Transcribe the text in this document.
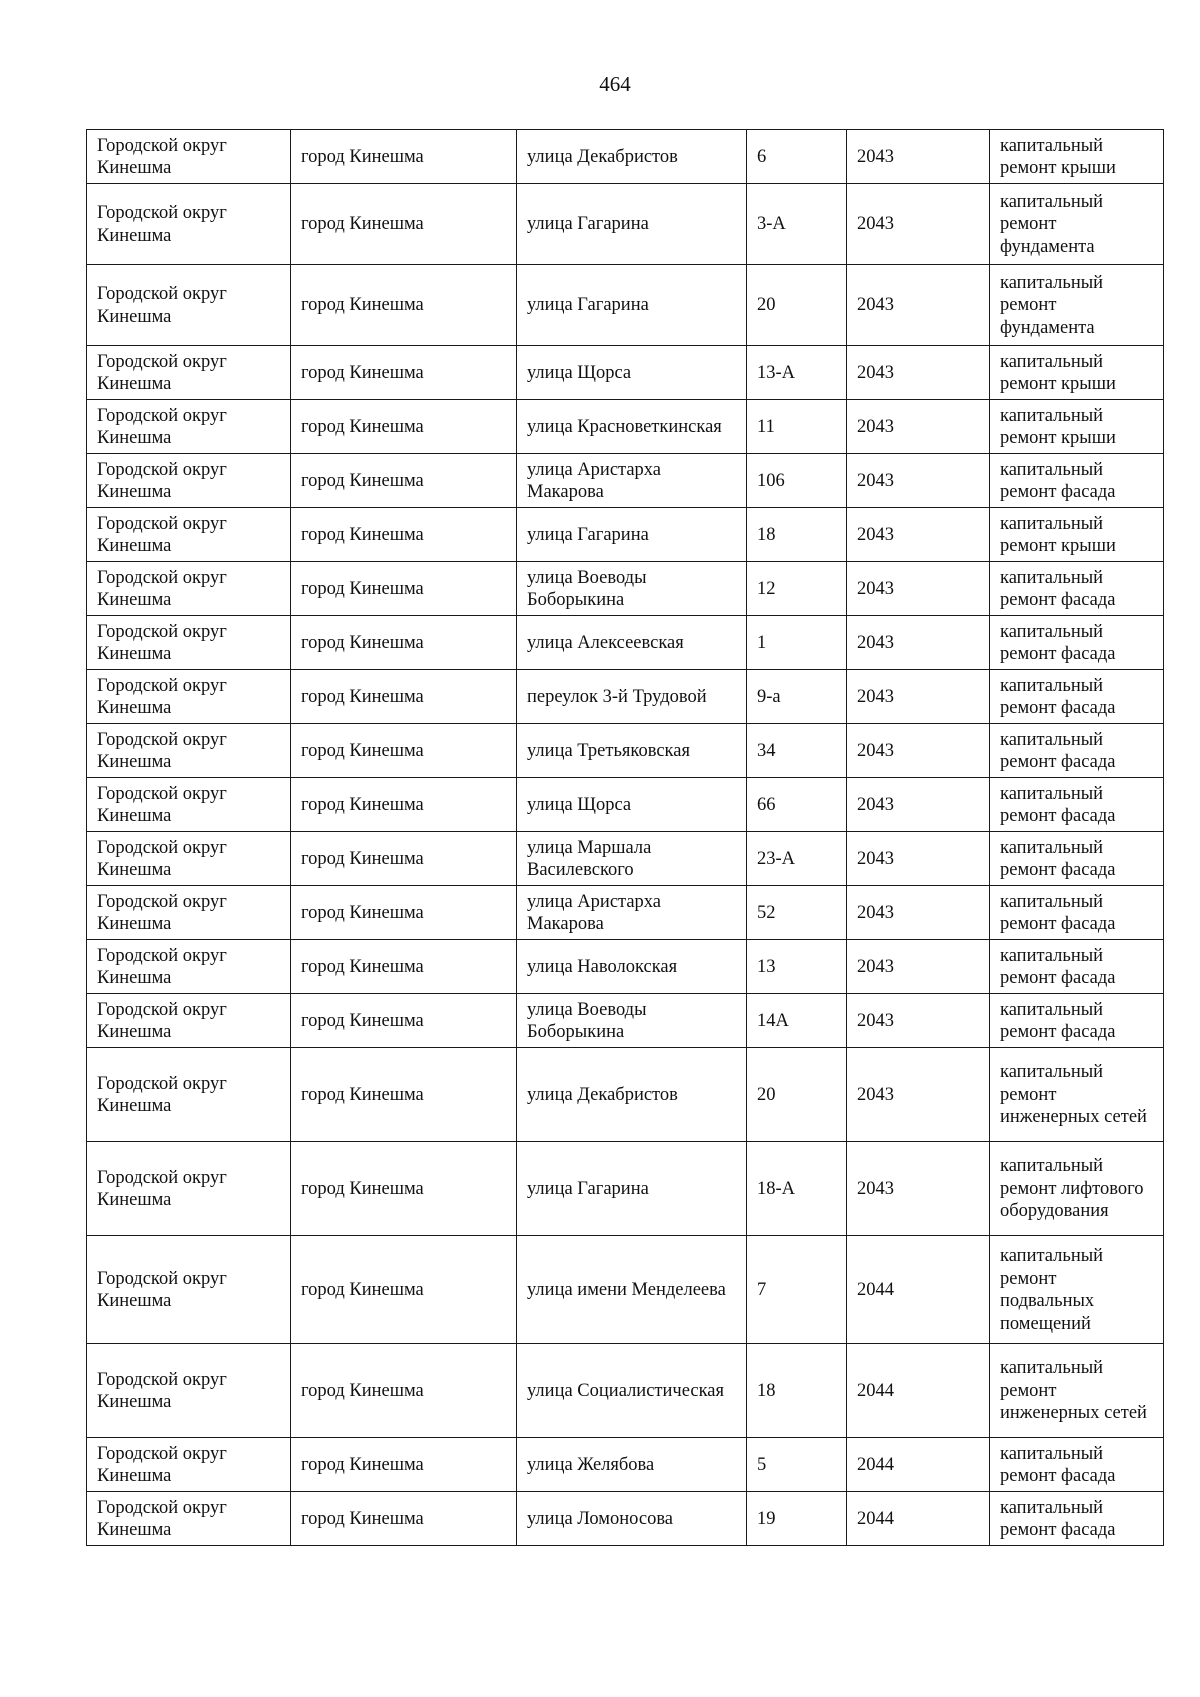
464
Городской округ Кинешма	город Кинешма	улица Декабристов	6	2043	капитальный ремонт крыши
Городской округ Кинешма	город Кинешма	улица Гагарина	3-А	2043	капитальный ремонт фундамента
Городской округ Кинешма	город Кинешма	улица Гагарина	20	2043	капитальный ремонт фундамента
Городской округ Кинешма	город Кинешма	улица Щорса	13-А	2043	капитальный ремонт крыши
Городской округ Кинешма	город Кинешма	улица Красноветкинская	11	2043	капитальный ремонт крыши
Городской округ Кинешма	город Кинешма	улица Аристарха Макарова	106	2043	капитальный ремонт фасада
Городской округ Кинешма	город Кинешма	улица Гагарина	18	2043	капитальный ремонт крыши
Городской округ Кинешма	город Кинешма	улица Воеводы Боборыкина	12	2043	капитальный ремонт фасада
Городской округ Кинешма	город Кинешма	улица Алексеевская	1	2043	капитальный ремонт фасада
Городской округ Кинешма	город Кинешма	переулок 3-й Трудовой	9-а	2043	капитальный ремонт фасада
Городской округ Кинешма	город Кинешма	улица Третьяковская	34	2043	капитальный ремонт фасада
Городской округ Кинешма	город Кинешма	улица Щорса	66	2043	капитальный ремонт фасада
Городской округ Кинешма	город Кинешма	улица Маршала Василевского	23-А	2043	капитальный ремонт фасада
Городской округ Кинешма	город Кинешма	улица Аристарха Макарова	52	2043	капитальный ремонт фасада
Городской округ Кинешма	город Кинешма	улица Наволокская	13	2043	капитальный ремонт фасада
Городской округ Кинешма	город Кинешма	улица Воеводы Боборыкина	14А	2043	капитальный ремонт фасада
Городской округ Кинешма	город Кинешма	улица Декабристов	20	2043	капитальный ремонт инженерных сетей
Городской округ Кинешма	город Кинешма	улица Гагарина	18-А	2043	капитальный ремонт лифтового оборудования
Городской округ Кинешма	город Кинешма	улица имени Менделеева	7	2044	капитальный ремонт подвальных помещений
Городской округ Кинешма	город Кинешма	улица Социалистическая	18	2044	капитальный ремонт инженерных сетей
Городской округ Кинешма	город Кинешма	улица Желябова	5	2044	капитальный ремонт фасада
Городской округ Кинешма	город Кинешма	улица Ломоносова	19	2044	капитальный ремонт фасада
